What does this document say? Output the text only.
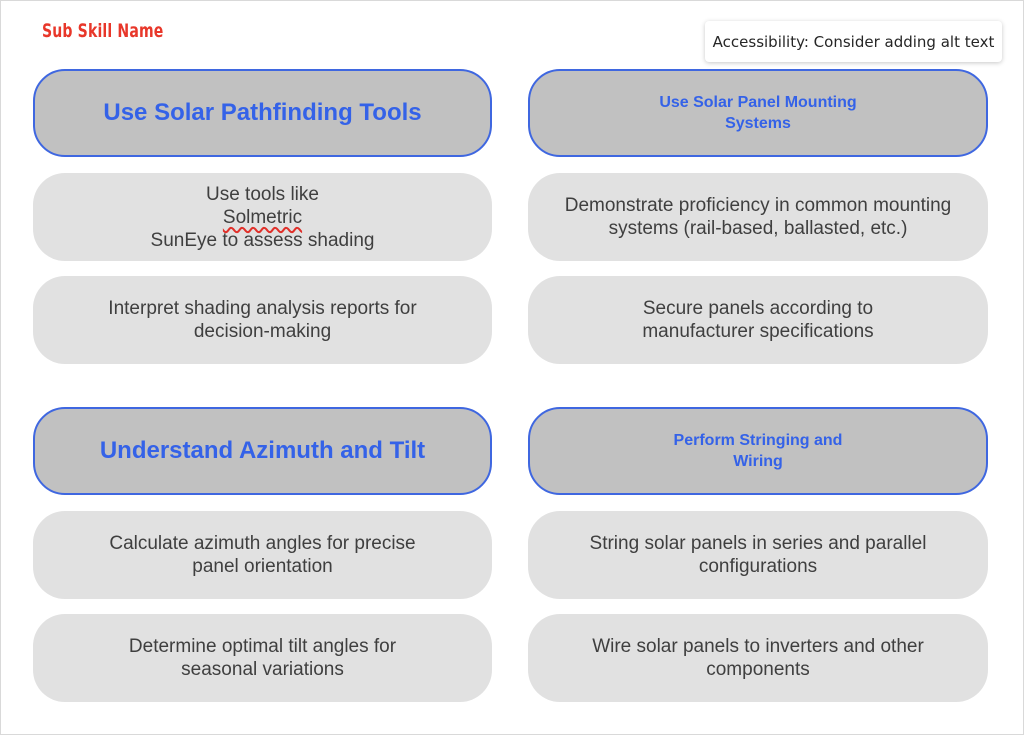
Sub Skill Name	Accessibility: Consider adding alt text
Use Solar Pathfinding Tools
Use tools like
Solmetric
SunEye to assess shading
Interpret shading analysis reports for decision-making
Use Solar Panel Mounting Systems
Demonstrate proficiency in common mounting systems (rail-based, ballasted, etc.)
Secure panels according to manufacturer specifications
Understand Azimuth and Tilt
Calculate azimuth angles for precise panel orientation
Determine optimal tilt angles for seasonal variations
Perform Stringing and Wiring
String solar panels in series and parallel configurations
Wire solar panels to inverters and other components
